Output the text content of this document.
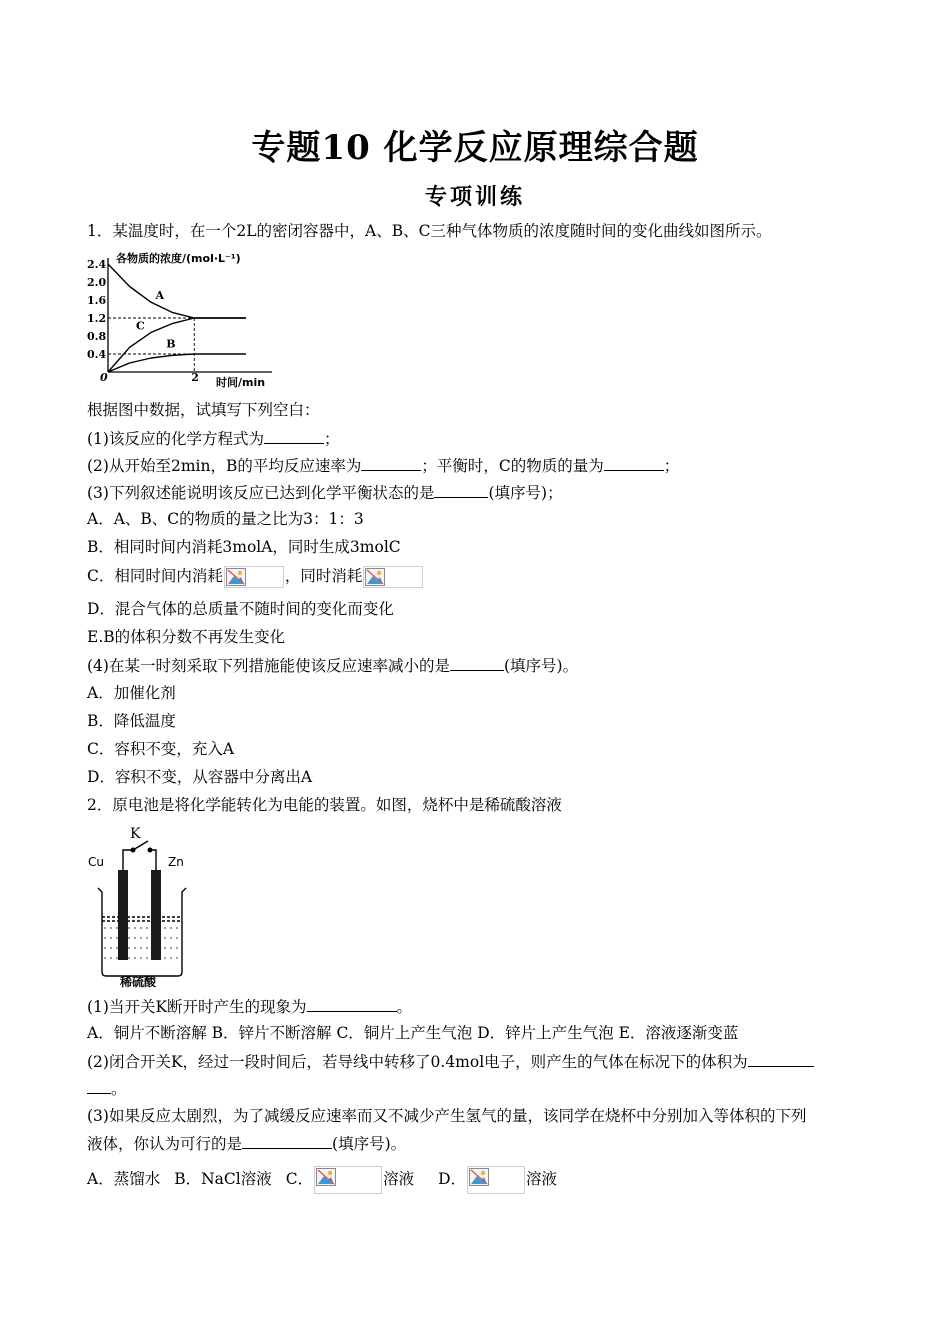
专题10 化学反应原理综合题
专项训练
1．某温度时，在一个2L的密闭容器中，A、B、C三种气体物质的浓度随时间的变化曲线如图所示。
各物质的浓度/(mol·L⁻¹)
时间/min
0
2.4
2.0
1.6
1.2
0.8
0.4
2
A
C
B
根据图中数据，试填写下列空白：
(1)该反应的化学方程式为	；
(2)从开始至2min，B的平均反应速率为	；平衡时，C的物质的量为	；
(3)下列叙述能说明该反应已达到化学平衡状态的是	(填序号)；
A．A、B、C的物质的量之比为3：1：3
B．相同时间内消耗3molA，同时生成3molC
C．相同时间内消耗	，同时消耗
D．混合气体的总质量不随时间的变化而变化
E.B的体积分数不再发生变化
(4)在某一时刻采取下列措施能使该反应速率减小的是	(填序号)。
A．加催化剂
B．降低温度
C．容积不变，充入A
D．容积不变，从容器中分离出A
2．原电池是将化学能转化为电能的装置。如图，烧杯中是稀硫酸溶液
K
Cu	Zn
稀硫酸
(1)当开关K断开时产生的现象为	。
A．铜片不断溶解 B．锌片不断溶解 C．铜片上产生气泡 D．锌片上产生气泡 E．溶液逐渐变蓝
(2)闭合开关K，经过一段时间后，若导线中转移了0.4mol电子，则产生的气体在标况下的体积为
。
(3)如果反应太剧烈，为了减缓反应速率而又不减少产生氢气的量，该同学在烧杯中分别加入等体积的下列
液体，你认为可行的是	(填序号)。
A．蒸馏水 B．NaCl溶液 C．	溶液 D．	溶液
